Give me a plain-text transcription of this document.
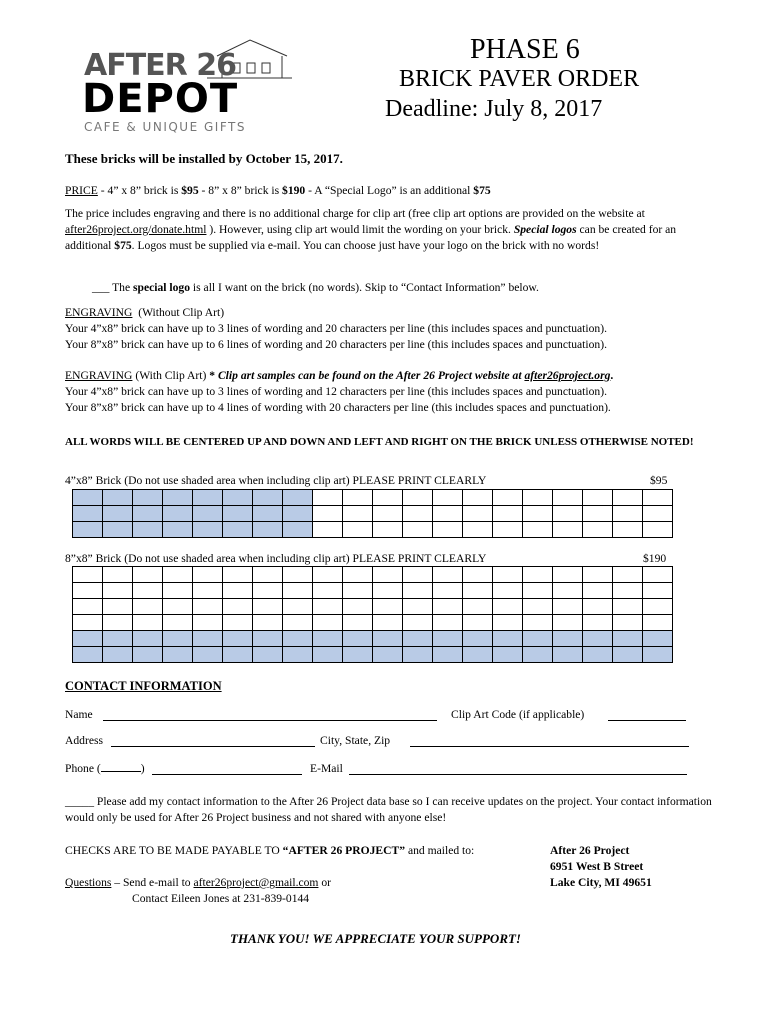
AFTER 26
DEPOT
CAFE & UNIQUE GIFTS
PHASE 6
BRICK PAVER ORDER
Deadline: July 8, 2017
These bricks will be installed by October 15, 2017.
PRICE - 4” x 8” brick is $95 - 8” x 8” brick is $190 - A “Special Logo” is an additional $75
The price includes engraving and there is no additional charge for clip art (free clip art options are provided on the website at after26project.org/donate.html ). However, using clip art would limit the wording on your brick. Special logos can be created for an additional $75. Logos must be supplied via e-mail. You can choose just have your logo on the brick with no words!
___ The special logo is all I want on the brick (no words). Skip to “Contact Information” below.
ENGRAVING (Without Clip Art)
Your 4”x8” brick can have up to 3 lines of wording and 20 characters per line (this includes spaces and punctuation).
Your 8”x8” brick can have up to 6 lines of wording and 20 characters per line (this includes spaces and punctuation).
ENGRAVING (With Clip Art) * Clip art samples can be found on the After 26 Project website at after26project.org.
Your 4”x8” brick can have up to 3 lines of wording and 12 characters per line (this includes spaces and punctuation).
Your 8”x8” brick can have up to 4 lines of wording with 20 characters per line (this includes spaces and punctuation).
ALL WORDS WILL BE CENTERED UP AND DOWN AND LEFT AND RIGHT ON THE BRICK UNLESS OTHERWISE NOTED!
4”x8” Brick (Do not use shaded area when including clip art) PLEASE PRINT CLEARLY	$95

8”x8” Brick (Do not use shaded area when including clip art) PLEASE PRINT CLEARLY	$190

CONTACT INFORMATION
Name	Clip Art Code (if applicable)
Address	City, State, Zip
Phone (	)	E-Mail
_____ Please add my contact information to the After 26 Project data base so I can receive updates on the project. Your contact information would only be used for After 26 Project business and not shared with anyone else!
CHECKS ARE TO BE MADE PAYABLE TO “AFTER 26 PROJECT” and mailed to:	After 26 Project
6951 West B Street
Lake City, MI 49651
Questions – Send e-mail to after26project@gmail.com or
Contact Eileen Jones at 231-839-0144
THANK YOU! WE APPRECIATE YOUR SUPPORT!
